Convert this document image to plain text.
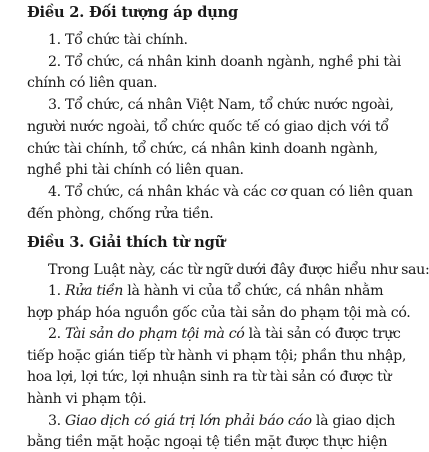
Điều 2. Đối tượng áp dụng
1. Tổ chức tài chính.
2. Tổ chức, cá nhân kinh doanh ngành, nghề phi tài
chính có liên quan.
3. Tổ chức, cá nhân Việt Nam, tổ chức nước ngoài,
người nước ngoài, tổ chức quốc tế có giao dịch với tổ
chức tài chính, tổ chức, cá nhân kinh doanh ngành,
nghề phi tài chính có liên quan.
4. Tổ chức, cá nhân khác và các cơ quan có liên quan
đến phòng, chống rửa tiền.
Điều 3. Giải thích từ ngữ
Trong Luật này, các từ ngữ dưới đây được hiểu như sau:
1. Rửa tiền là hành vi của tổ chức, cá nhân nhằm
hợp pháp hóa nguồn gốc của tài sản do phạm tội mà có.
2. Tài sản do phạm tội mà có là tài sản có được trực
tiếp hoặc gián tiếp từ hành vi phạm tội; phần thu nhập,
hoa lợi, lợi tức, lợi nhuận sinh ra từ tài sản có được từ
hành vi phạm tội.
3. Giao dịch có giá trị lớn phải báo cáo là giao dịch
bằng tiền mặt hoặc ngoại tệ tiền mặt được thực hiện
